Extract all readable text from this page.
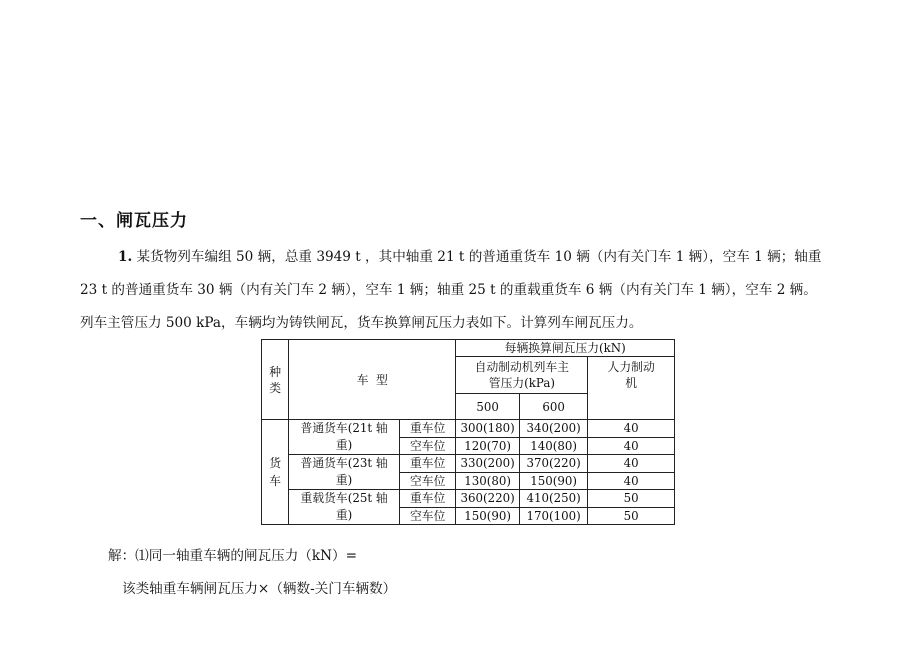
一、闸瓦压力
1. 某货物列车编组 50 辆，总重 3949 t ，其中轴重 21 t 的普通重货车 10 辆（内有关门车 1 辆），空车 1 辆；轴重
23 t 的普通重货车 30 辆（内有关门车 2 辆），空车 1 辆；轴重 25 t 的重载重货车 6 辆（内有关门车 1 辆），空车 2 辆。
列车主管压力 500 kPa，车辆均为铸铁闸瓦，货车换算闸瓦压力表如下。计算列车闸瓦压力。
种类	车  型		每辆换算闸瓦压力(kN)		

			自动制动机列车主管压力(kPa)		人力制动机

			500	600	

货车	普通货车(21t 轴重)	重车位	300(180)	340(200)	40
		空车位	120(70)	140(80)	40

	普通货车(23t 轴重)	重车位	330(200)	370(220)	40
		空车位	130(80)	150(90)	40

	重载货车(25t 轴重)	重车位	360(220)	410(250)	50
		空车位	150(90)	170(100)	50
解：⑴同一轴重车辆的闸瓦压力（kN）=
该类轴重车辆闸瓦压力×（辆数-关门车辆数）
